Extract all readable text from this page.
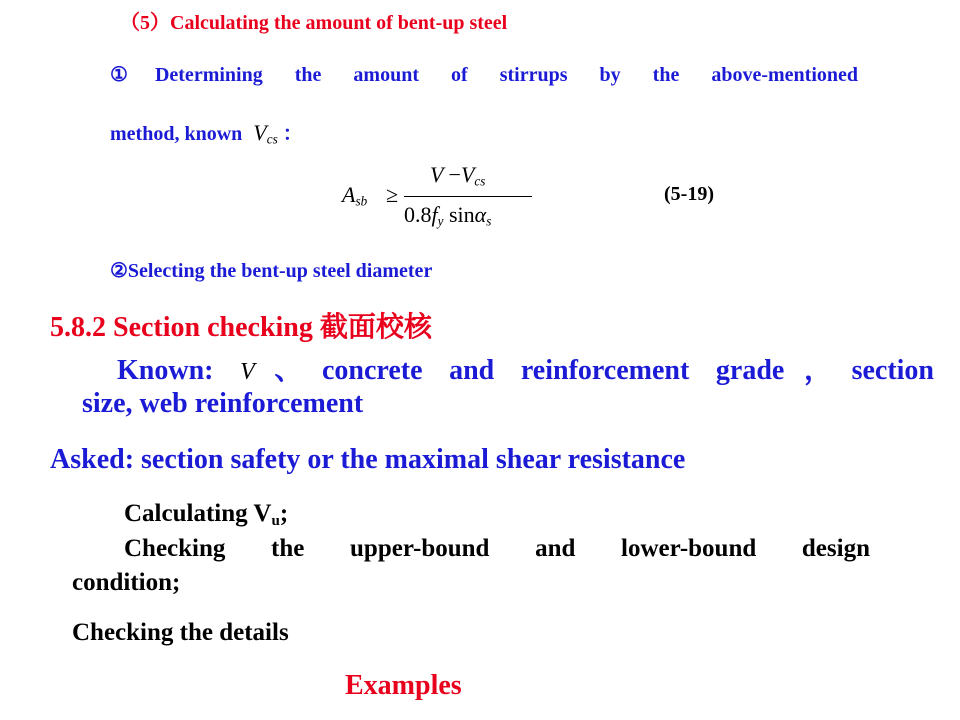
（5）Calculating the amount of bent-up steel
①Determining the amount of stirrups by the above-mentioned
method, known $V_{cs}$ ：
$A_{sb}$ ≥
$V -V_{cs}$
$0.8f_y$ sinα$_s$
(5-19)
②Selecting the bent-up steel diameter
5.8.2 Section checking 截面校核
Known: V、concrete and reinforcement grade，section
size, web reinforcement
Asked: section safety or the maximal shear resistance
Calculating $V_u$;
Checking the upper-bound and lower-bound design
condition;
Checking the details
Examples
